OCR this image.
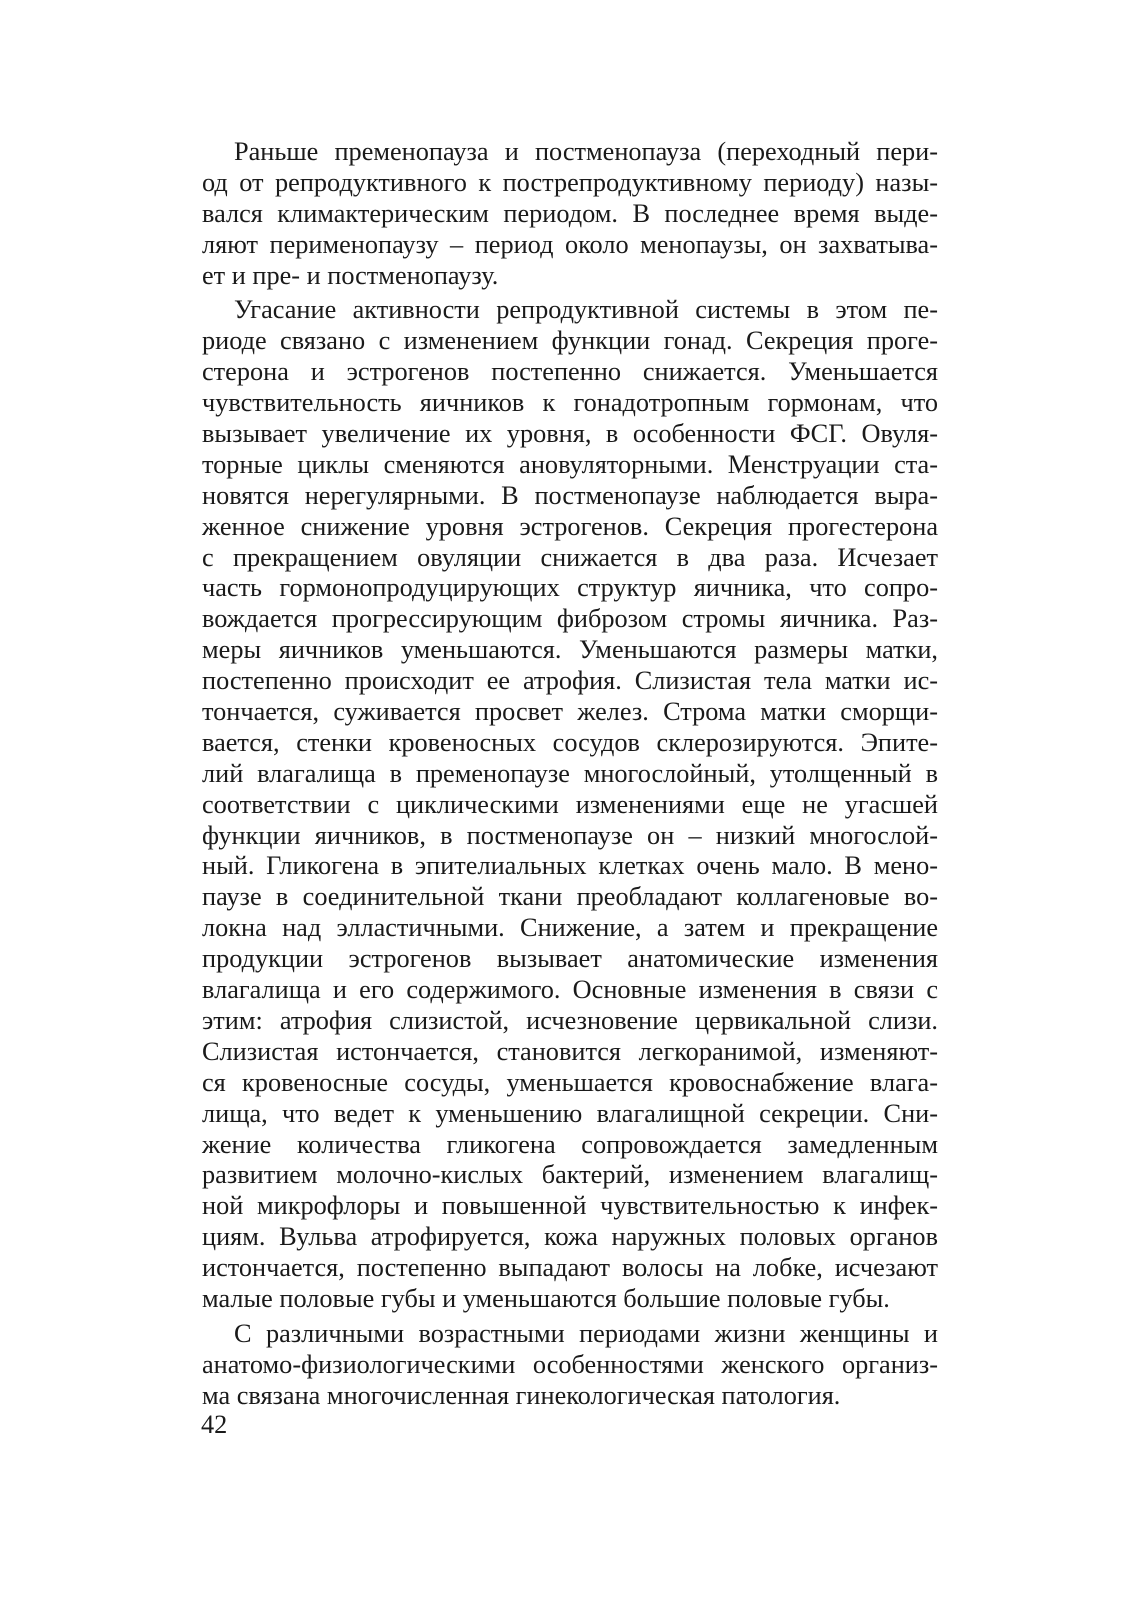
Раньше пременопауза и постменопауза (переходный пери-
од от репродуктивного к пострепродуктивному периоду) назы-
вался климактерическим периодом. В последнее время выде-
ляют перименопаузу – период около менопаузы, он захватыва-
ет и пре- и постменопаузу.
Угасание активности репродуктивной системы в этом пе-
риоде связано с изменением функции гонад. Секреция проге-
стерона и эстрогенов постепенно снижается. Уменьшается
чувствительность яичников к гонадотропным гормонам, что
вызывает увеличение их уровня, в особенности ФСГ. Овуля-
торные циклы сменяются ановуляторными. Менструации ста-
новятся нерегулярными. В постменопаузе наблюдается выра-
женное снижение уровня эстрогенов. Секреция прогестерона
с прекращением овуляции снижается в два раза. Исчезает
часть гормонопродуцирующих структур яичника, что сопро-
вождается прогрессирующим фиброзом стромы яичника. Раз-
меры яичников уменьшаются. Уменьшаются размеры матки,
постепенно происходит ее атрофия. Слизистая тела матки ис-
тончается, суживается просвет желез. Строма матки сморщи-
вается, стенки кровеносных сосудов склерозируются. Эпите-
лий влагалища в пременопаузе многослойный, утолщенный в
соответствии с циклическими изменениями еще не угасшей
функции яичников, в постменопаузе он – низкий многослой-
ный. Гликогена в эпителиальных клетках очень мало. В мено-
паузе в соединительной ткани преобладают коллагеновые во-
локна над элластичными. Снижение, а затем и прекращение
продукции эстрогенов вызывает анатомические изменения
влагалища и его содержимого. Основные изменения в связи с
этим: атрофия слизистой, исчезновение цервикальной слизи.
Слизистая истончается, становится легкоранимой, изменяют-
ся кровеносные сосуды, уменьшается кровоснабжение влага-
лища, что ведет к уменьшению влагалищной секреции. Сни-
жение количества гликогена сопровождается замедленным
развитием молочно-кислых бактерий, изменением влагалищ-
ной микрофлоры и повышенной чувствительностью к инфек-
циям. Вульва атрофируется, кожа наружных половых органов
истончается, постепенно выпадают волосы на лобке, исчезают
малые половые губы и уменьшаются большие половые губы.
С различными возрастными периодами жизни женщины и
анатомо-физиологическими особенностями женского организ-
ма связана многочисленная гинекологическая патология.
42
